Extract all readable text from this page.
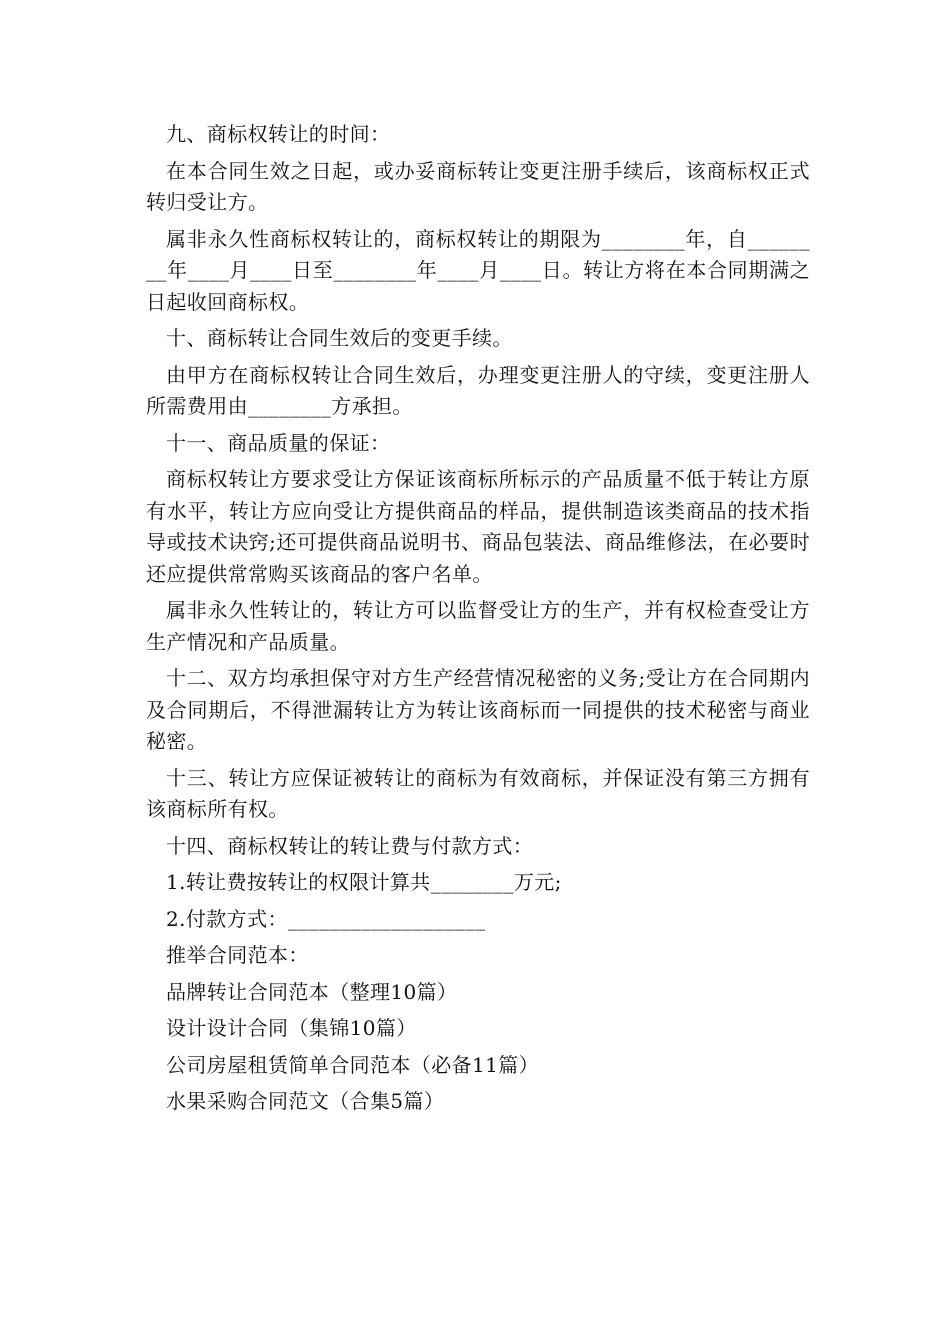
九、商标权转让的时间：

在本合同生效之日起，或办妥商标转让变更注册手续后，该商标权正式转归受让方。

属非永久性商标权转让的，商标权转让的期限为________年，自________年____月____日至________年____月____日。转让方将在本合同期满之日起收回商标权。

十、商标转让合同生效后的变更手续。

由甲方在商标权转让合同生效后，办理变更注册人的守续，变更注册人所需费用由________方承担。

十一、商品质量的保证：

商标权转让方要求受让方保证该商标所标示的产品质量不低于转让方原有水平，转让方应向受让方提供商品的样品，提供制造该类商品的技术指导或技术诀窍;还可提供商品说明书、商品包装法、商品维修法，在必要时还应提供常常购买该商品的客户名单。

属非永久性转让的，转让方可以监督受让方的生产，并有权检查受让方生产情况和产品质量。

十二、双方均承担保守对方生产经营情况秘密的义务;受让方在合同期内及合同期后，不得泄漏转让方为转让该商标而一同提供的技术秘密与商业秘密。

十三、转让方应保证被转让的商标为有效商标，并保证没有第三方拥有该商标所有权。

十四、商标权转让的转让费与付款方式：

1.转让费按转让的权限计算共________万元;

2.付款方式：___________________

推举合同范本：

品牌转让合同范本（整理10篇）

设计设计合同（集锦10篇）

公司房屋租赁简单合同范本（必备11篇）

水果采购合同范文（合集5篇）
